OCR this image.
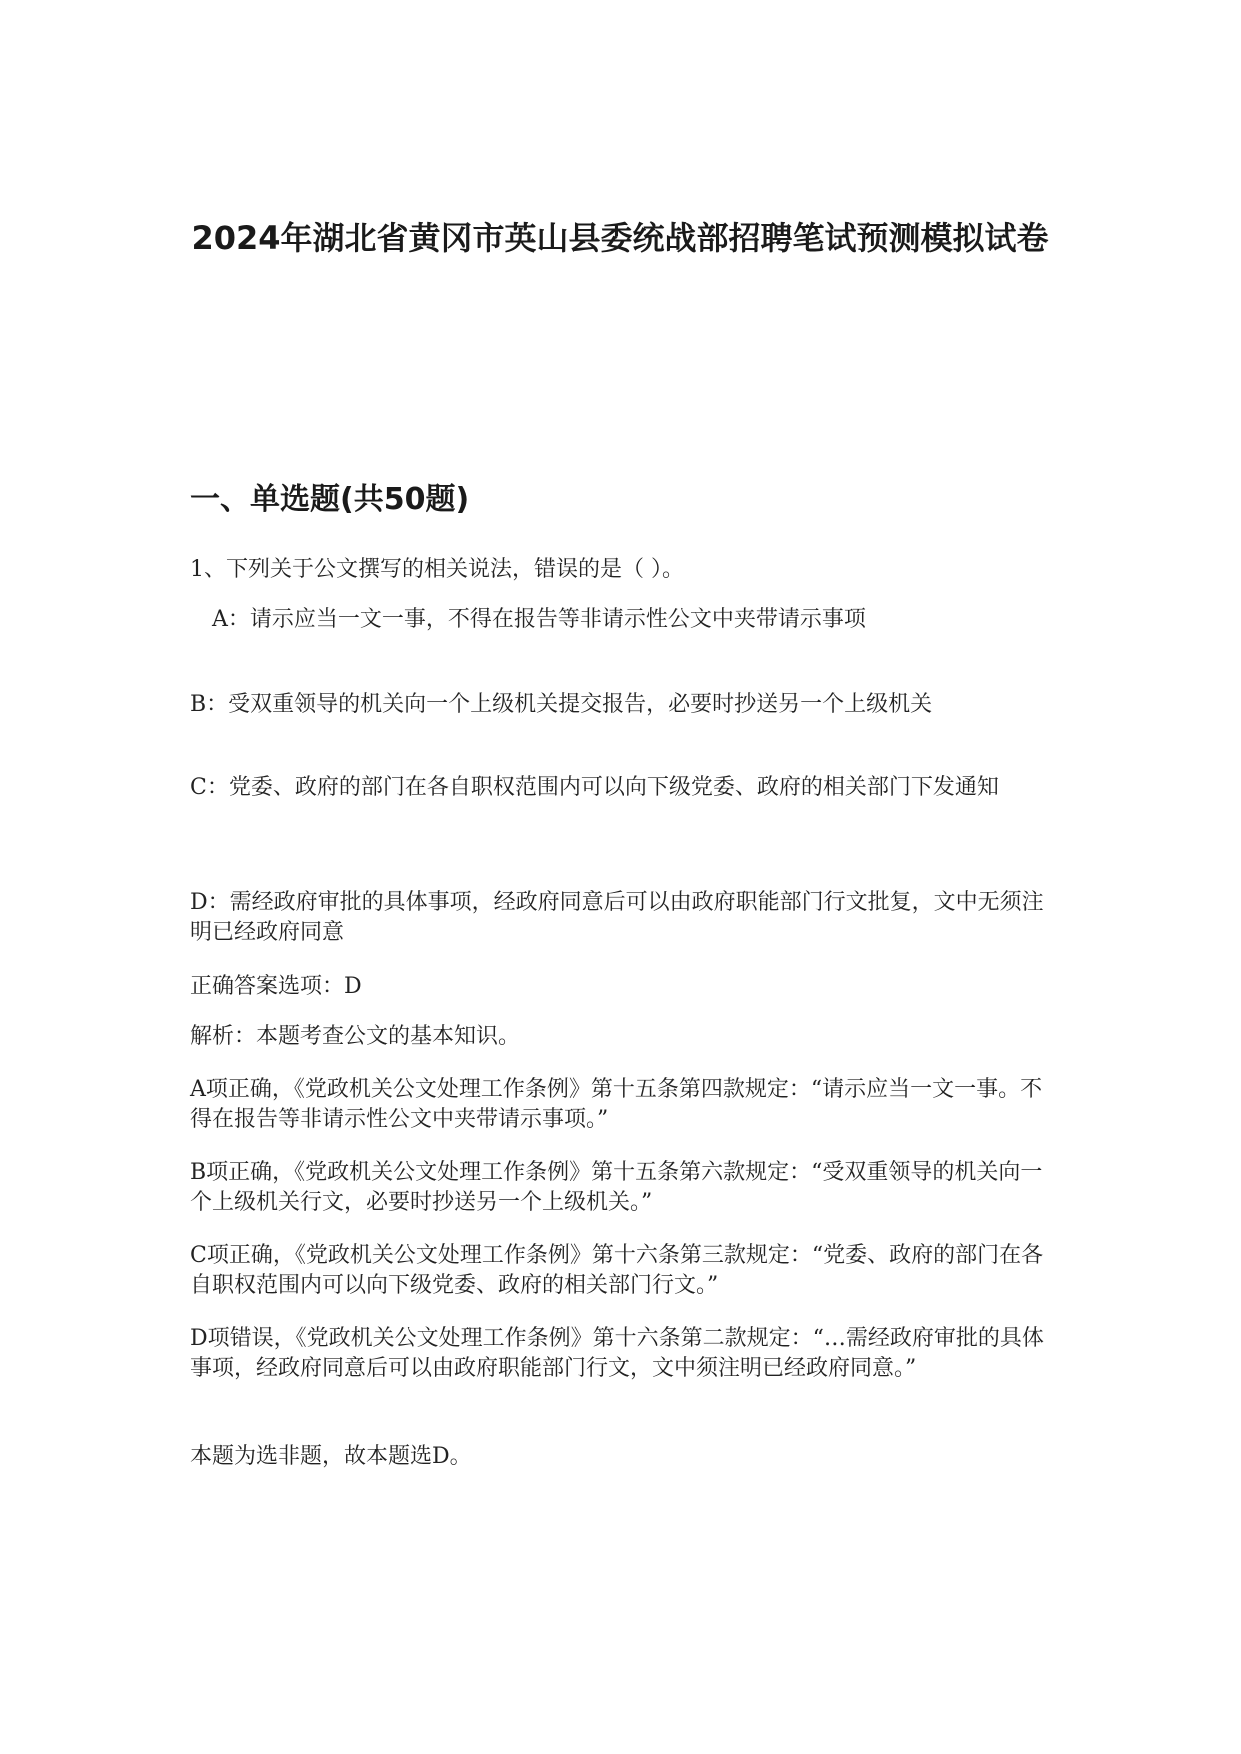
2024年湖北省黄冈市英山县委统战部招聘笔试预测模拟试卷
一、单选题(共50题)

1、下列关于公文撰写的相关说法，错误的是（ ）。

A：请示应当一文一事，不得在报告等非请示性公文中夹带请示事项

B：受双重领导的机关向一个上级机关提交报告，必要时抄送另一个上级机关

C：党委、政府的部门在各自职权范围内可以向下级党委、政府的相关部门下发通知

D：需经政府审批的具体事项，经政府同意后可以由政府职能部门行文批复，文中无须注明已经政府同意

正确答案选项：D

解析：本题考查公文的基本知识。

A项正确，《党政机关公文处理工作条例》第十五条第四款规定：“请示应当一文一事。不得在报告等非请示性公文中夹带请示事项。”

B项正确，《党政机关公文处理工作条例》第十五条第六款规定：“受双重领导的机关向一个上级机关行文，必要时抄送另一个上级机关。”

C项正确，《党政机关公文处理工作条例》第十六条第三款规定：“党委、政府的部门在各自职权范围内可以向下级党委、政府的相关部门行文。”

D项错误，《党政机关公文处理工作条例》第十六条第二款规定：“…需经政府审批的具体事项，经政府同意后可以由政府职能部门行文，文中须注明已经政府同意。”

本题为选非题，故本题选D。
